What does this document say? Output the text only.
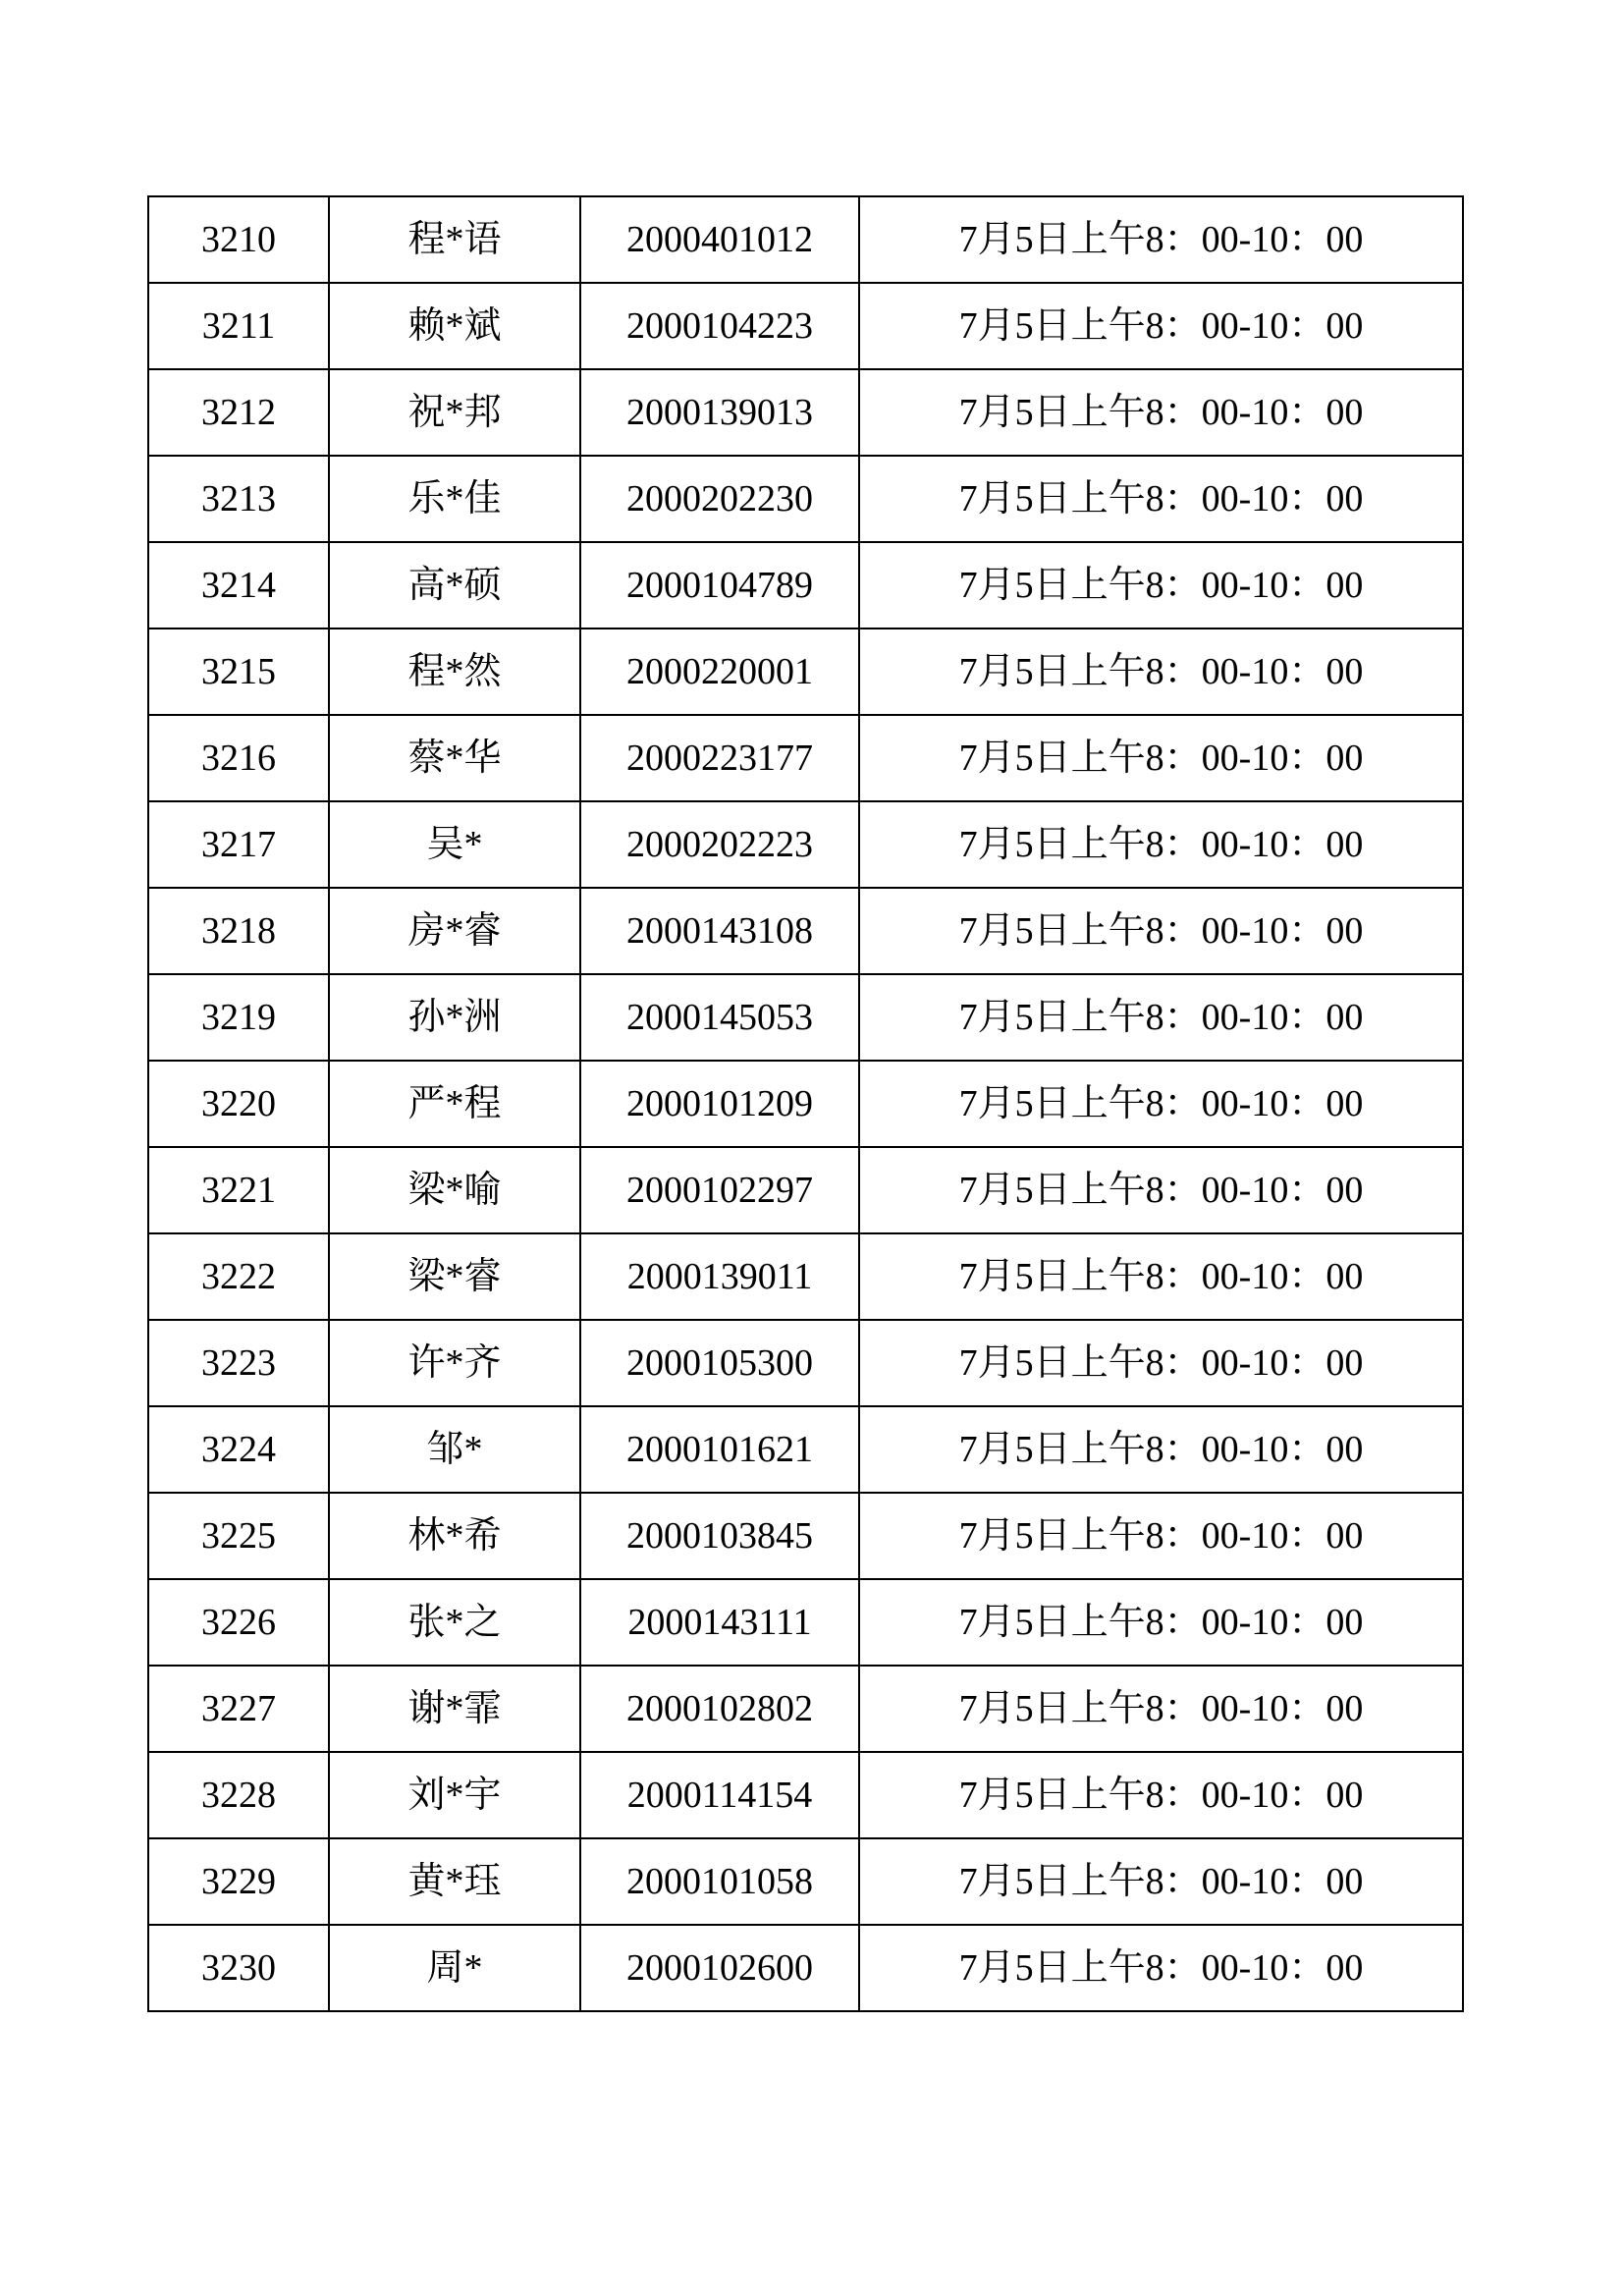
3210	程*语	2000401012	7月5日上午8：00-10：00
3211	赖*斌	2000104223	7月5日上午8：00-10：00
3212	祝*邦	2000139013	7月5日上午8：00-10：00
3213	乐*佳	2000202230	7月5日上午8：00-10：00
3214	高*硕	2000104789	7月5日上午8：00-10：00
3215	程*然	2000220001	7月5日上午8：00-10：00
3216	蔡*华	2000223177	7月5日上午8：00-10：00
3217	吴*	2000202223	7月5日上午8：00-10：00
3218	房*睿	2000143108	7月5日上午8：00-10：00
3219	孙*洲	2000145053	7月5日上午8：00-10：00
3220	严*程	2000101209	7月5日上午8：00-10：00
3221	梁*喻	2000102297	7月5日上午8：00-10：00
3222	梁*睿	2000139011	7月5日上午8：00-10：00
3223	许*齐	2000105300	7月5日上午8：00-10：00
3224	邹*	2000101621	7月5日上午8：00-10：00
3225	林*希	2000103845	7月5日上午8：00-10：00
3226	张*之	2000143111	7月5日上午8：00-10：00
3227	谢*霏	2000102802	7月5日上午8：00-10：00
3228	刘*宇	2000114154	7月5日上午8：00-10：00
3229	黄*珏	2000101058	7月5日上午8：00-10：00
3230	周*	2000102600	7月5日上午8：00-10：00
